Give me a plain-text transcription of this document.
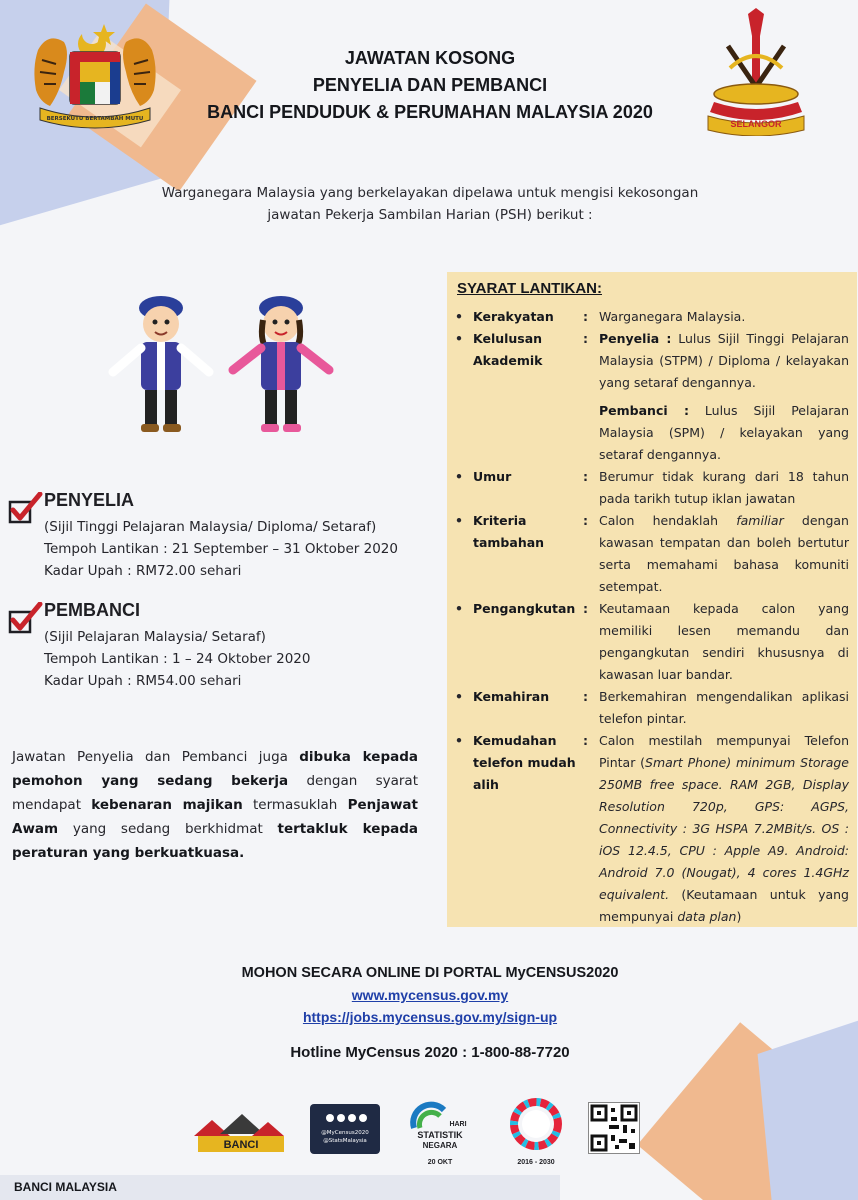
BERSEKUTU BERTAMBAH MUTU	SELANGOR
JAWATAN KOSONG
PENYELIA DAN PEMBANCI
BANCI PENDUDUK & PERUMAHAN MALAYSIA 2020
Warganegara Malaysia yang berkelayakan dipelawa untuk mengisi kekosongan
jawatan Pekerja Sambilan Harian (PSH) berikut :
PENYELIA
(Sijil Tinggi Pelajaran Malaysia/ Diploma/ Setaraf)
Tempoh Lantikan : 21 September – 31 Oktober 2020
Kadar Upah : RM72.00 sehari
PEMBANCI
(Sijil Pelajaran Malaysia/ Setaraf)
Tempoh Lantikan : 1 – 24 Oktober 2020
Kadar Upah : RM54.00 sehari
Jawatan Penyelia dan Pembanci juga dibuka kepada pemohon yang sedang bekerja dengan syarat mendapat kebenaran majikan termasuklah Penjawat Awam yang sedang berkhidmat tertakluk kepada peraturan yang berkuatkuasa.
SYARAT LANTIKAN:
• Kerakyatan	: Warganegara Malaysia.
• Kelulusan Akademik
: Penyelia : Lulus Sijil Tinggi Pelajaran Malaysia (STPM) / Diploma / kelayakan yang setaraf dengannya.
Pembanci : Lulus Sijil Pelajaran Malaysia (SPM) / kelayakan yang setaraf dengannya.
• Umur	: Berumur tidak kurang dari 18 tahun pada tarikh tutup iklan jawatan
• Kriteria tambahan
: Calon hendaklah familiar dengan kawasan tempatan dan boleh bertutur serta memahami bahasa komuniti setempat.
• Pengangkutan : Keutamaan kepada calon yang memiliki lesen memandu dan pengangkutan sendiri khususnya di kawasan luar bandar.
• Kemahiran	: Berkemahiran mengendalikan aplikasi telefon pintar.
• Kemudahan telefon mudah alih
: Calon mestilah mempunyai Telefon Pintar (Smart Phone) minimum Storage 250MB free space. RAM 2GB, Display Resolution 720p, GPS: AGPS, Connectivity : 3G HSPA 7.2MBit/s. OS : iOS 12.4.5, CPU : Apple A9. Android: Android 7.0 (Nougat), 4 cores 1.4GHz equivalent. (Keutamaan untuk yang mempunyai data plan)
MOHON SECARA ONLINE DI PORTAL MyCENSUS2020
www.mycensus.gov.my
https://jobs.mycensus.gov.my/sign-up
Hotline MyCensus 2020 : 1-800-88-7720
BANCI
@MyCensus2020
@StatsMalaysia
HARI
STATISTIK
NEGARA
20 OKT	2016 - 2030
BANCI MALAYSIA
